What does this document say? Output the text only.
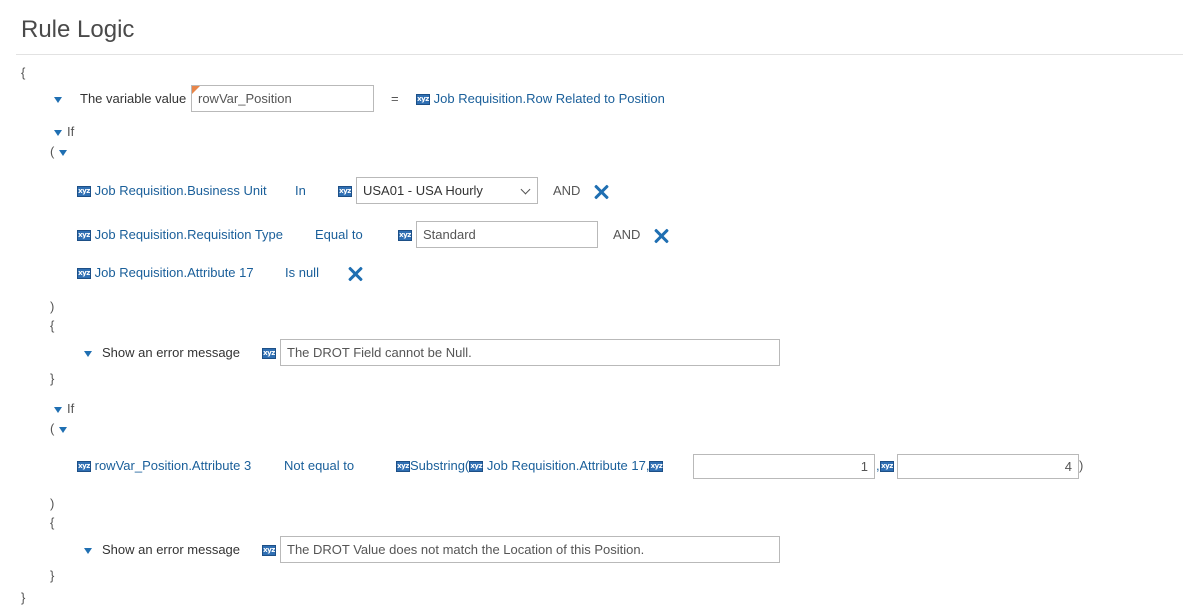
Rule Logic
{
The variable value rowVar_Position	=	xyz Job Requisition.Row Related to Position
If
(
xyz Job Requisition.Business Unit In	xyz USA01 - USA Hourly	AND
xyz Job Requisition.Requisition Type Equal to	xyz Standard	AND
xyz Job Requisition.Attribute 17 Is null
)
{
Show an error message	xyz The DROT Field cannot be Null.
}
If
(
xyz rowVar_Position.Attribute 3	Not equal to	xyzSubstring(xyz Job Requisition.Attribute 17,xyz	1 , xyz	4 )
)
{
Show an error message	xyz The DROT Value does not match the Location of this Position.
}
}
